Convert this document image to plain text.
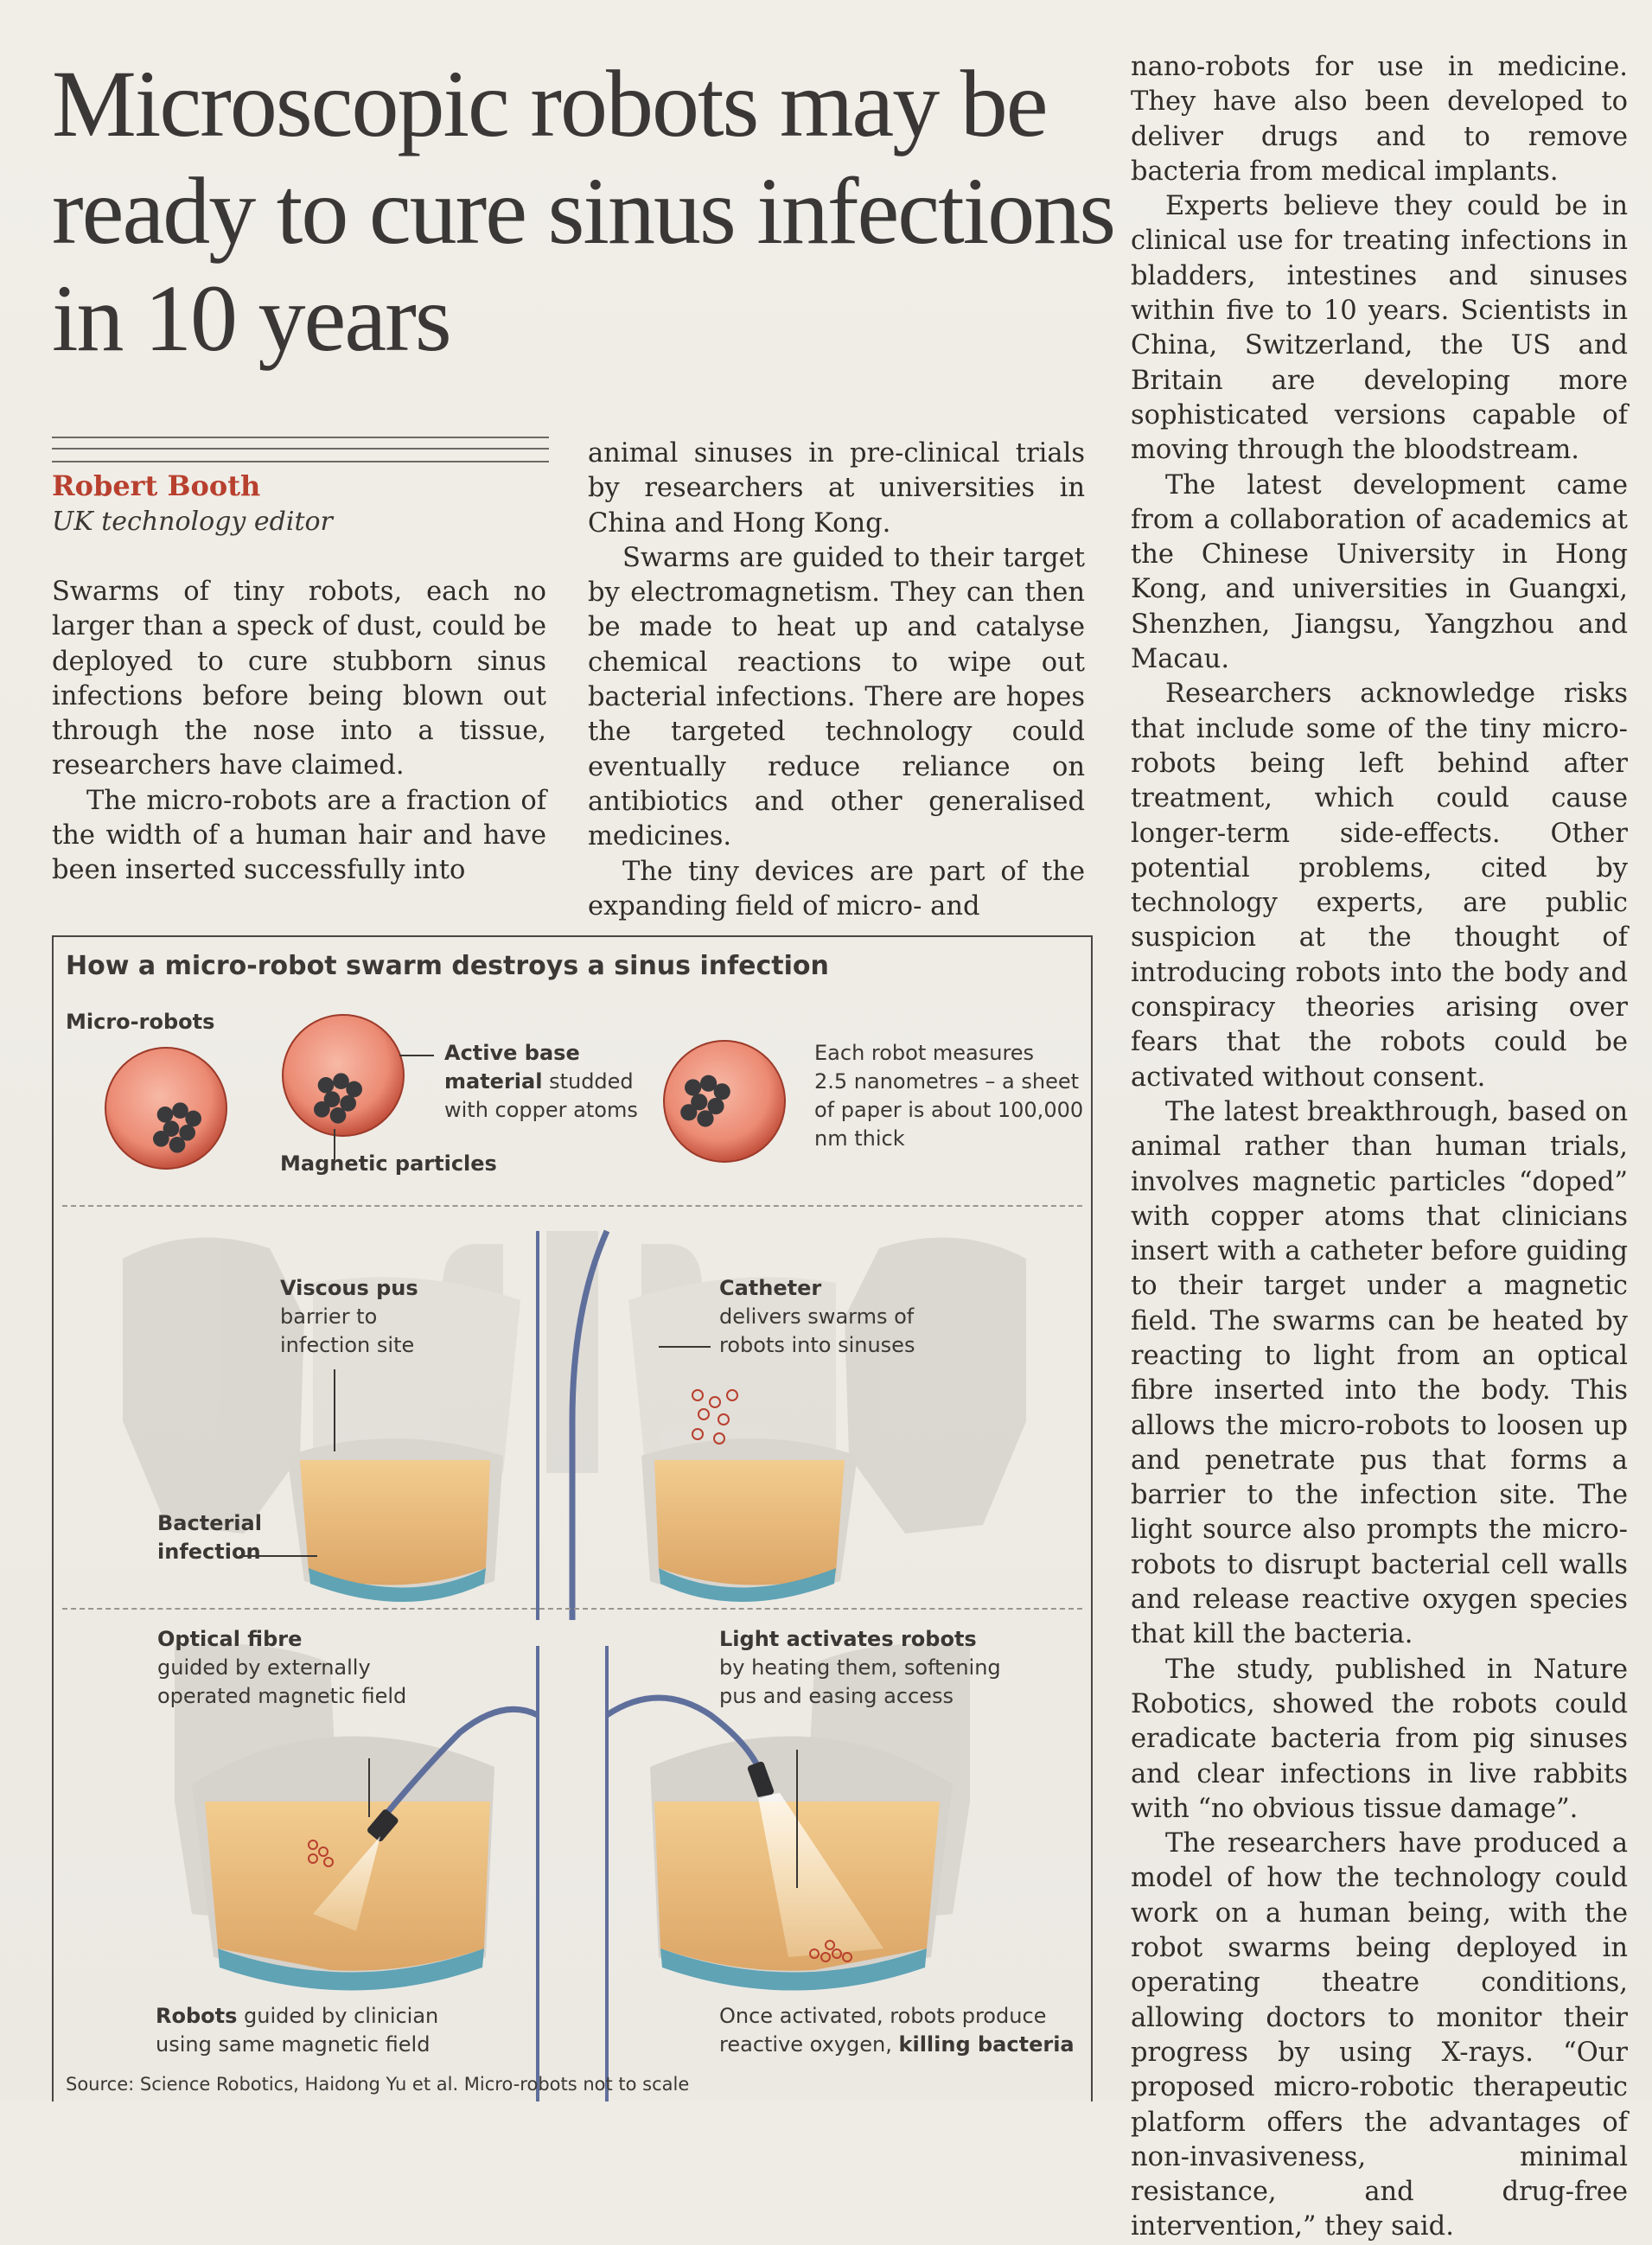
Microscopic robots may be ready to cure sinus infections in 10 years
Robert Booth
UK technology editor

Swarms of tiny robots, each no larger than a speck of dust, could be deployed to cure stubborn sinus infections before being blown out through the nose into a tissue, researchers have claimed.

The micro-robots are a fraction of the width of a human hair and have been inserted successfully into

animal sinuses in pre-clinical trials by researchers at universities in China and Hong Kong.

Swarms are guided to their target by electromagnetism. They can then be made to heat up and catalyse chemical reactions to wipe out bacterial infections. There are hopes the targeted technology could eventually reduce reliance on antibiotics and other generalised medicines.

The tiny devices are part of the expanding field of micro- and

nano-robots for use in medicine. They have also been developed to deliver drugs and to remove bacteria from medical implants.

Experts believe they could be in clinical use for treating infections in bladders, intestines and sinuses within five to 10 years. Scientists in China, Switzerland, the US and Britain are developing more sophisticated versions capable of moving through the bloodstream.

The latest development came from a collaboration of academics at the Chinese University in Hong Kong, and universities in Guangxi, Shenzhen, Jiangsu, Yangzhou and Macau.

Researchers acknowledge risks that include some of the tiny micro-robots being left behind after treatment, which could cause longer-term side-effects. Other potential problems, cited by technology experts, are public suspicion at the thought of introducing robots into the body and conspiracy theories arising over fears that the robots could be activated without consent.

The latest breakthrough, based on animal rather than human trials, involves magnetic particles “doped” with copper atoms that clinicians insert with a catheter before guiding to their target under a magnetic field. The swarms can be heated by reacting to light from an optical fibre inserted into the body. This allows the micro-robots to loosen up and penetrate pus that forms a barrier to the infection site. The light source also prompts the micro-robots to disrupt bacterial cell walls and release reactive oxygen species that kill the bacteria.

The study, published in Nature Robotics, showed the robots could eradicate bacteria from pig sinuses and clear infections in live rabbits with “no obvious tissue damage”.

The researchers have produced a model of how the technology could work on a human being, with the robot swarms being deployed in operating theatre conditions, allowing doctors to monitor their progress by using X-rays. “Our proposed micro-robotic therapeutic platform offers the advantages of non-invasiveness, minimal resistance, and drug-free intervention,” they said.

How a micro-robot swarm destroys a sinus infection
Micro-robots
Active base
material studded
with copper atoms
Magnetic particles
Each robot measures
2.5 nanometres – a sheet
of paper is about 100,000
nm thick
Viscous pus
barrier to
infection site
Catheter
delivers swarms of
robots into sinuses
Bacterial
infection
Optical fibre
guided by externally
operated magnetic field
Light activates robots
by heating them, softening
pus and easing access
Robots guided by clinician
using same magnetic field
Once activated, robots produce
reactive oxygen, killing bacteria
Source: Science Robotics, Haidong Yu et al. Micro-robots not to scale
